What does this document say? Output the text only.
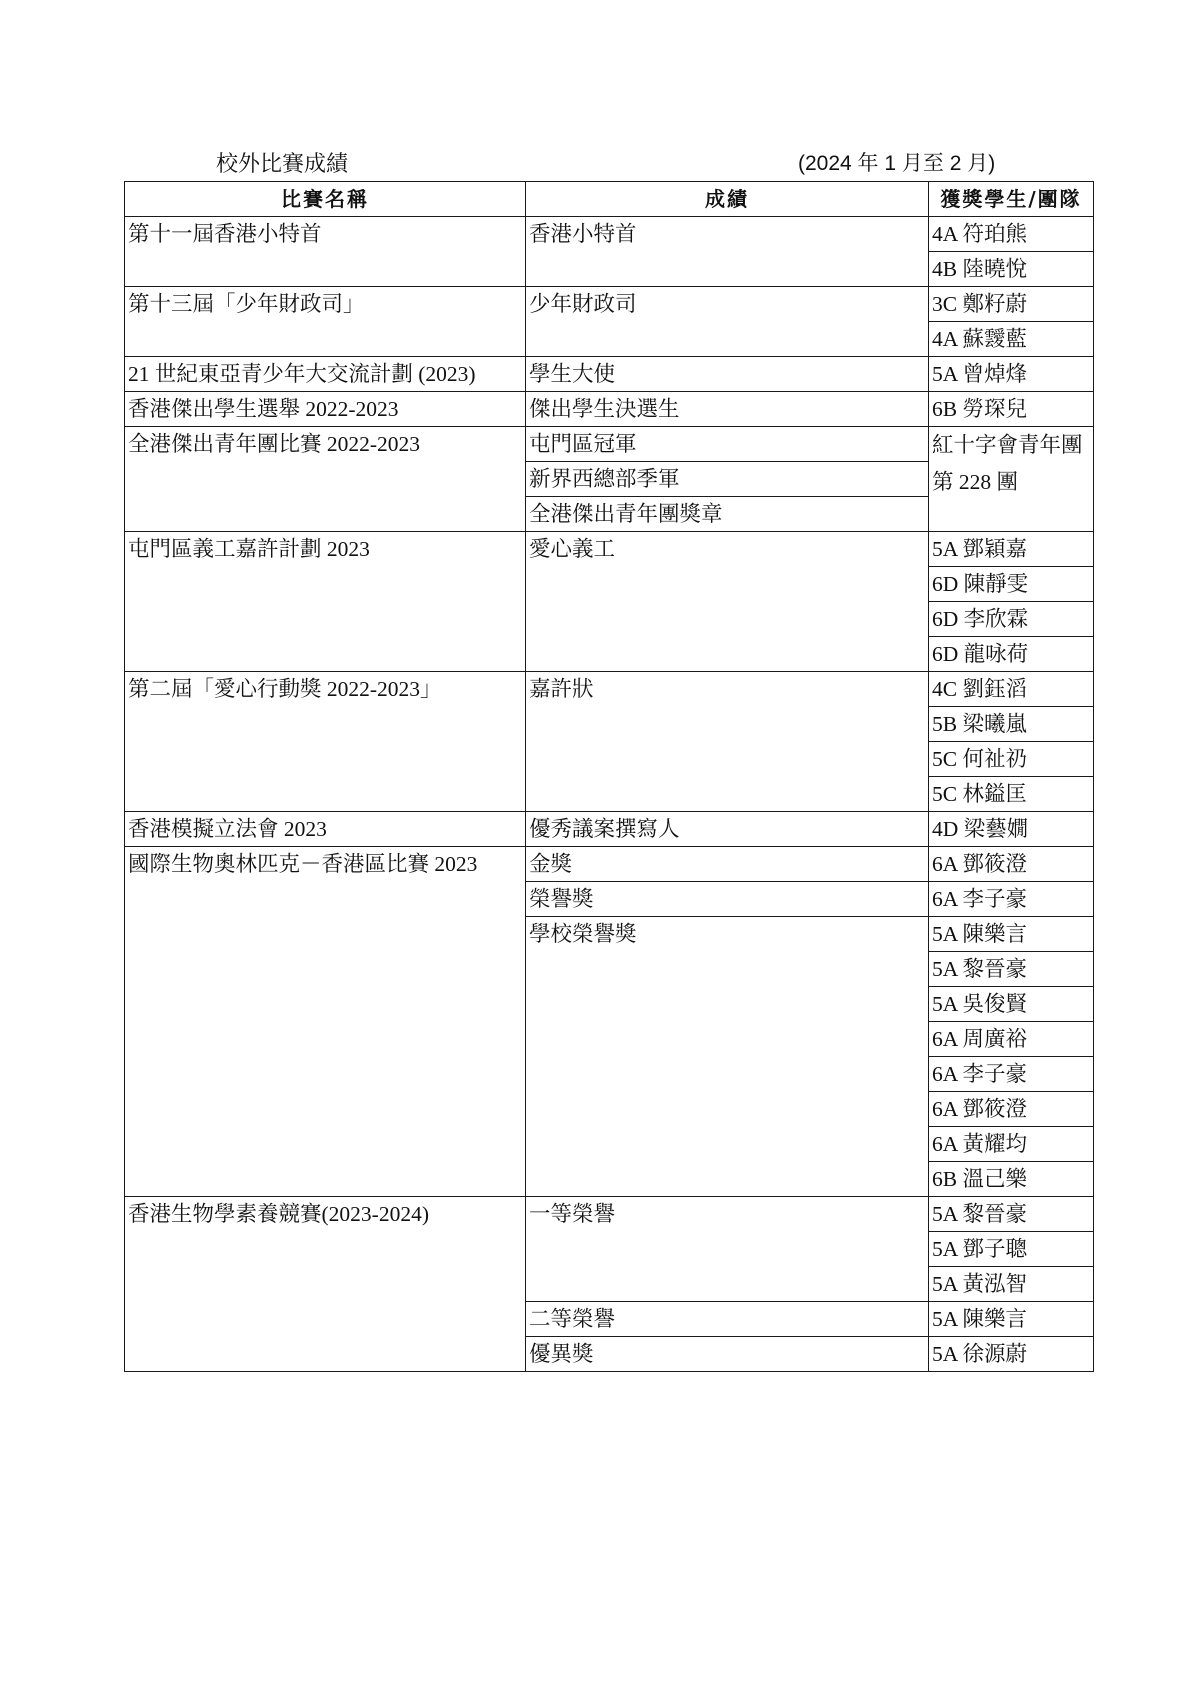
校外比賽成績	(2024 年 1 月至 2 月)
比賽名稱	成績	獲獎學生/團隊
第十一屆香港小特首	香港小特首	4A 符珀熊
		4B 陸曉悅
第十三屆「少年財政司」	少年財政司	3C 鄭籽蔚
		4A 蘇靉藍
21 世紀東亞青少年大交流計劃 (2023)	學生大使	5A 曾焯烽
香港傑出學生選舉 2022-2023	傑出學生決選生	6B 勞琛兒
全港傑出青年團比賽 2022-2023	屯門區冠軍	紅十字會青年團第 228 團
	新界西總部季軍	
	全港傑出青年團獎章	
屯門區義工嘉許計劃 2023	愛心義工	5A 鄧穎嘉
		6D 陳靜雯
		6D 李欣霖
		6D 龍咏荷
第二屆「愛心行動獎 2022-2023」	嘉許狀	4C 劉鈺滔
		5B 梁曦嵐
		5C 何祉礽
		5C 林鎰匡
香港模擬立法會 2023	優秀議案撰寫人	4D 梁藝嫺
國際生物奧林匹克－香港區比賽 2023	金獎	6A 鄧筱澄
	榮譽獎	6A 李子豪
	學校榮譽獎	5A 陳樂言
		5A 黎晉豪
		5A 吳俊賢
		6A 周廣裕
		6A 李子豪
		6A 鄧筱澄
		6A 黃耀均
		6B 溫己樂
香港生物學素養競賽(2023-2024)	一等榮譽	5A 黎晉豪
		5A 鄧子聰
		5A 黃泓智
	二等榮譽	5A 陳樂言
	優異獎	5A 徐源蔚
